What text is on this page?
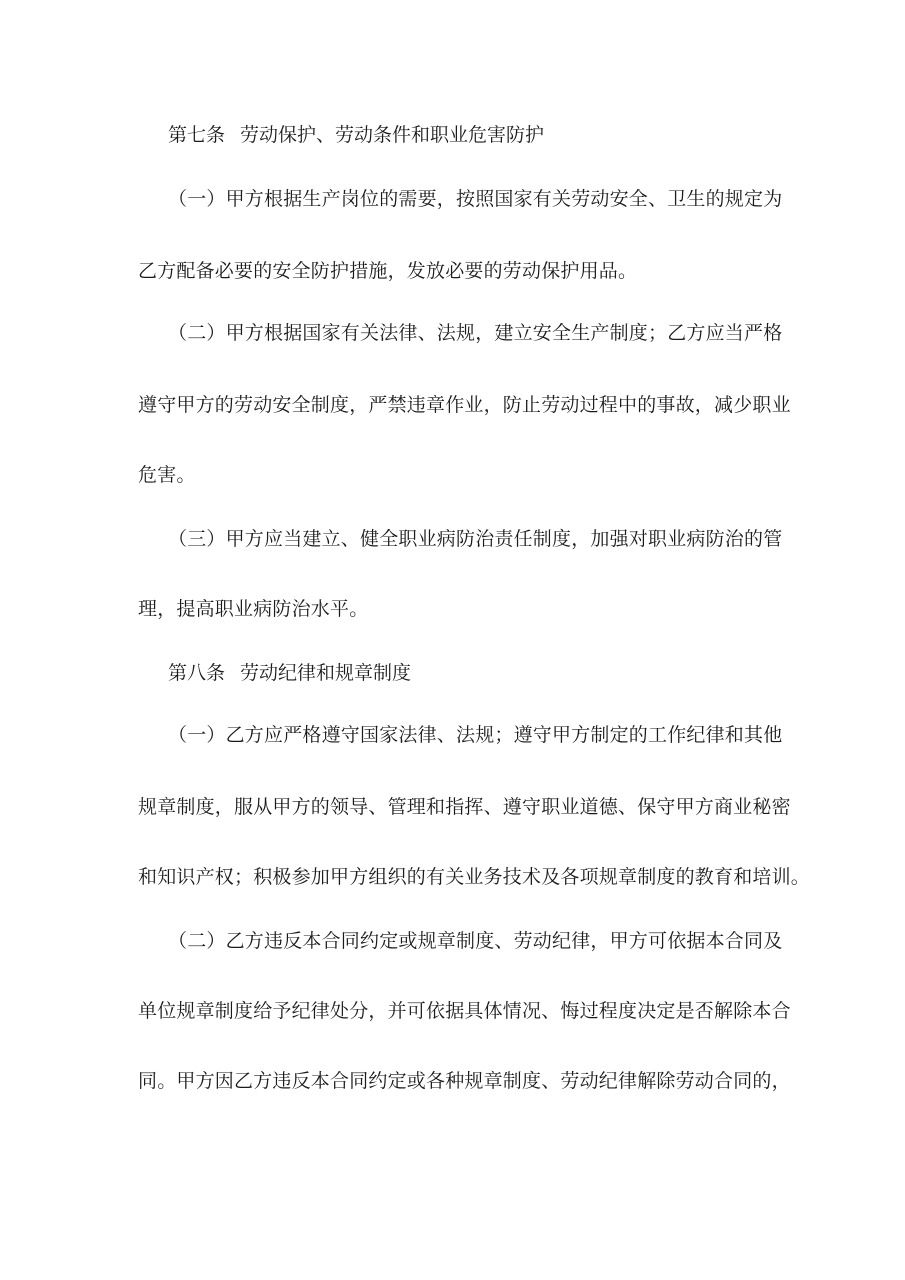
第七条 劳动保护、劳动条件和职业危害防护
（一）甲方根据生产岗位的需要，按照国家有关劳动安全、卫生的规定为
乙方配备必要的安全防护措施，发放必要的劳动保护用品。
（二）甲方根据国家有关法律、法规，建立安全生产制度；乙方应当严格
遵守甲方的劳动安全制度，严禁违章作业，防止劳动过程中的事故，减少职业
危害。
（三）甲方应当建立、健全职业病防治责任制度，加强对职业病防治的管
理，提高职业病防治水平。
第八条 劳动纪律和规章制度
（一）乙方应严格遵守国家法律、法规；遵守甲方制定的工作纪律和其他
规章制度，服从甲方的领导、管理和指挥、遵守职业道德、保守甲方商业秘密
和知识产权；积极参加甲方组织的有关业务技术及各项规章制度的教育和培训。
（二）乙方违反本合同约定或规章制度、劳动纪律，甲方可依据本合同及
单位规章制度给予纪律处分，并可依据具体情况、悔过程度决定是否解除本合
同。甲方因乙方违反本合同约定或各种规章制度、劳动纪律解除劳动合同的，
